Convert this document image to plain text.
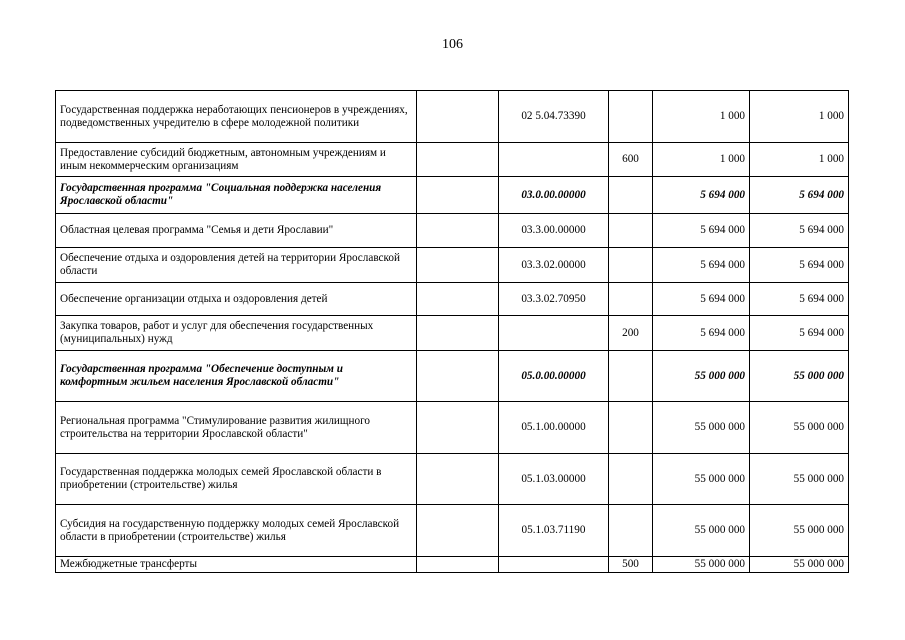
106
Государственная поддержка неработающих пенсионеров в учреждениях, подведомственных учредителю в сфере молодежной политики		02 5.04.73390		1 000	1 000
Предоставление субсидий бюджетным, автономным учреждениям и иным некоммерческим организациям			600	1 000	1 000
Государственная программа "Социальная поддержка населения Ярославской области"		03.0.00.00000		5 694 000	5 694 000
Областная целевая программа "Семья и дети Ярославии"		03.3.00.00000		5 694 000	5 694 000
Обеспечение отдыха и оздоровления детей на территории Ярославской области		03.3.02.00000		5 694 000	5 694 000
Обеспечение организации отдыха и оздоровления детей		03.3.02.70950		5 694 000	5 694 000
Закупка товаров, работ и услуг для обеспечения государственных (муниципальных) нужд			200	5 694 000	5 694 000
Государственная программа "Обеспечение доступным и комфортным жильем населения Ярославской области"		05.0.00.00000		55 000 000	55 000 000
Региональная программа "Стимулирование развития жилищного строительства на территории Ярославской области"		05.1.00.00000		55 000 000	55 000 000
Государственная поддержка молодых семей Ярославской области в приобретении (строительстве) жилья		05.1.03.00000		55 000 000	55 000 000
Субсидия на государственную поддержку молодых семей Ярославской области в приобретении (строительстве) жилья		05.1.03.71190		55 000 000	55 000 000
Межбюджетные трансферты			500	55 000 000	55 000 000
